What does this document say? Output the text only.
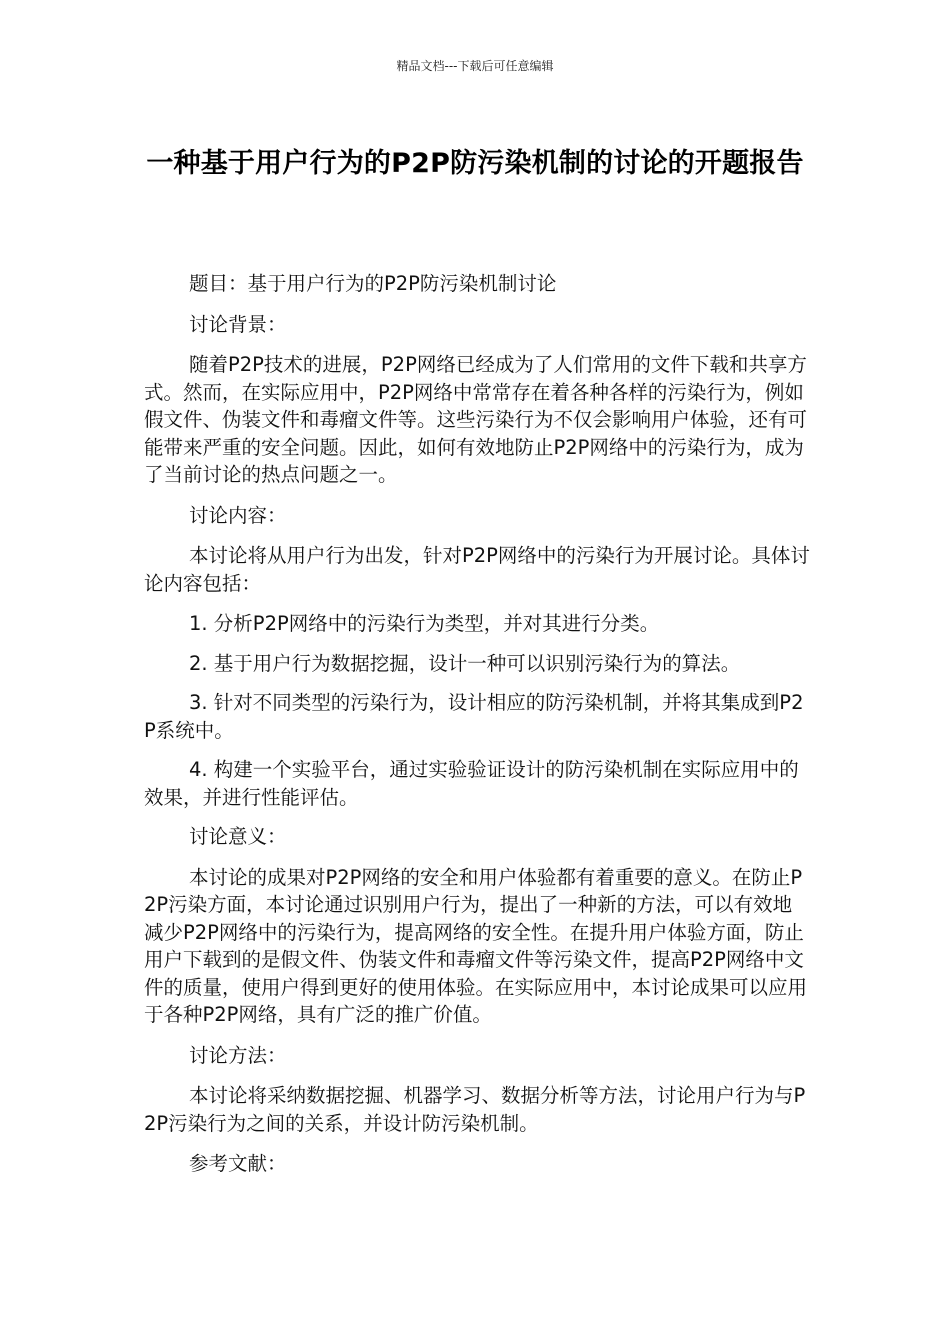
精品文档---下载后可任意编辑
一种基于用户行为的P2P防污染机制的讨论的开题报告

题目：基于用户行为的P2P防污染机制讨论

讨论背景：

随着P2P技术的进展，P2P网络已经成为了人们常用的文件下载和共享方式。然而，在实际应用中，P2P网络中常常存在着各种各样的污染行为，例如假文件、伪装文件和毒瘤文件等。这些污染行为不仅会影响用户体验，还有可能带来严重的安全问题。因此，如何有效地防止P2P网络中的污染行为，成为了当前讨论的热点问题之一。

讨论内容：

本讨论将从用户行为出发，针对P2P网络中的污染行为开展讨论。具体讨论内容包括：

1. 分析P2P网络中的污染行为类型，并对其进行分类。

2. 基于用户行为数据挖掘，设计一种可以识别污染行为的算法。

3. 针对不同类型的污染行为，设计相应的防污染机制，并将其集成到P2P系统中。

4. 构建一个实验平台，通过实验验证设计的防污染机制在实际应用中的效果，并进行性能评估。

讨论意义：

本讨论的成果对P2P网络的安全和用户体验都有着重要的意义。在防止P2P污染方面，本讨论通过识别用户行为，提出了一种新的方法，可以有效地减少P2P网络中的污染行为，提高网络的安全性。在提升用户体验方面，防止用户下载到的是假文件、伪装文件和毒瘤文件等污染文件，提高P2P网络中文件的质量，使用户得到更好的使用体验。在实际应用中，本讨论成果可以应用于各种P2P网络，具有广泛的推广价值。

讨论方法：

本讨论将采纳数据挖掘、机器学习、数据分析等方法，讨论用户行为与P2P污染行为之间的关系，并设计防污染机制。

参考文献：
